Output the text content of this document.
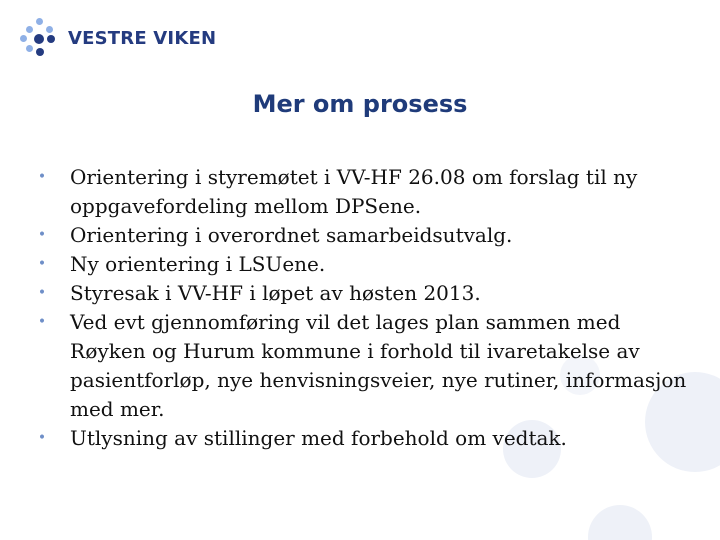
VESTRE VIKEN
Mer om prosess
• Orientering i styremøtet i VV-HF 26.08 om forslag til ny oppgavefordeling mellom DPSene.
• Orientering i overordnet samarbeidsutvalg.
• Ny orientering i LSUene.
• Styresak i VV-HF i løpet av høsten 2013.
• Ved evt gjennomføring vil det lages plan sammen med Røyken og Hurum kommune i forhold til ivaretakelse av pasientforløp, nye henvisningsveier, nye rutiner, informasjon med mer.
• Utlysning av stillinger med forbehold om vedtak.
